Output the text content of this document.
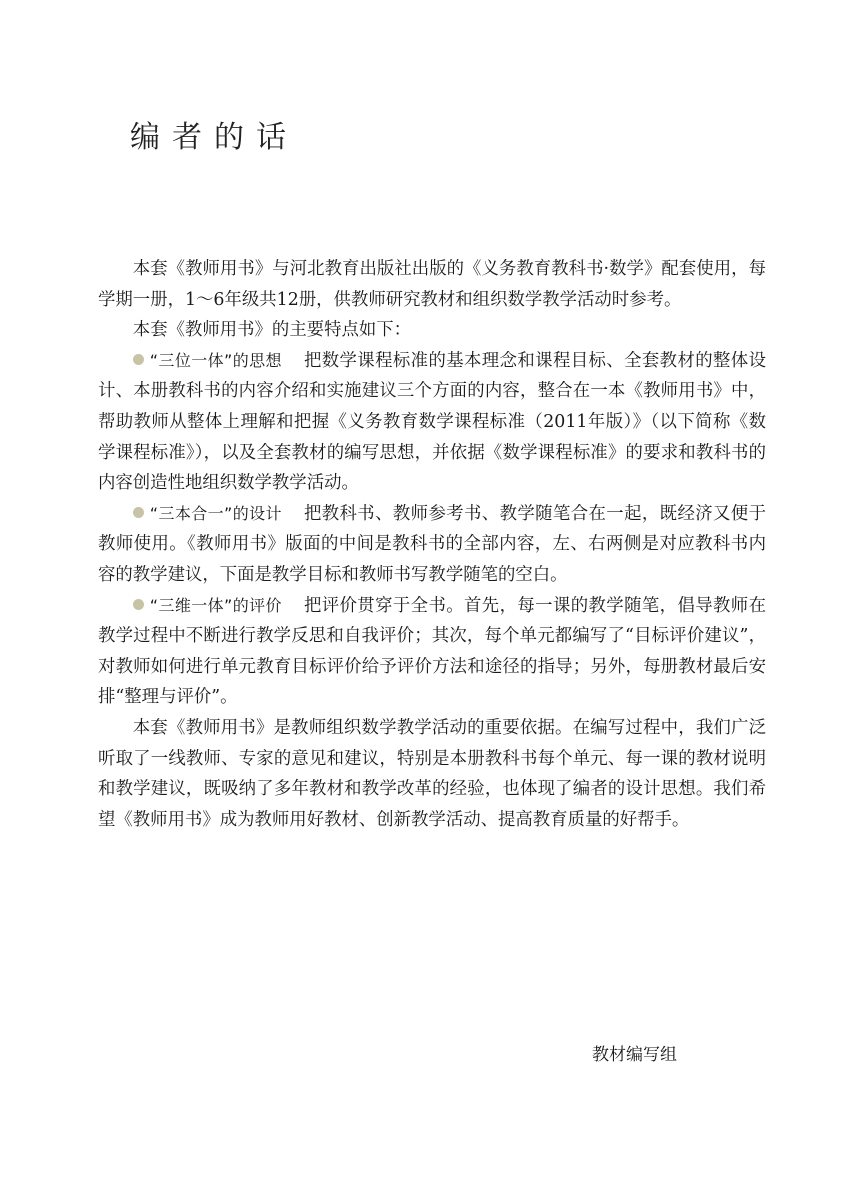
编者的话

本套《教师用书》与河北教育出版社出版的《义务教育教科书·数学》配套使用，每学期一册，1～6年级共12册，供教师研究教材和组织数学教学活动时参考。

本套《教师用书》的主要特点如下：

“三位一体”的思想 把数学课程标准的基本理念和课程目标、全套教材的整体设计、本册教科书的内容介绍和实施建议三个方面的内容，整合在一本《教师用书》中，帮助教师从整体上理解和把握《义务教育数学课程标准（2011年版）》（以下简称《数学课程标准》），以及全套教材的编写思想，并依据《数学课程标准》的要求和教科书的内容创造性地组织数学教学活动。

“三本合一”的设计 把教科书、教师参考书、教学随笔合在一起，既经济又便于教师使用。《教师用书》版面的中间是教科书的全部内容，左、右两侧是对应教科书内容的教学建议，下面是教学目标和教师书写教学随笔的空白。

“三维一体”的评价 把评价贯穿于全书。首先，每一课的教学随笔，倡导教师在教学过程中不断进行教学反思和自我评价；其次，每个单元都编写了“目标评价建议”，对教师如何进行单元教育目标评价给予评价方法和途径的指导；另外，每册教材最后安排“整理与评价”。

本套《教师用书》是教师组织数学教学活动的重要依据。在编写过程中，我们广泛听取了一线教师、专家的意见和建议，特别是本册教科书每个单元、每一课的教材说明和教学建议，既吸纳了多年教材和教学改革的经验，也体现了编者的设计思想。我们希望《教师用书》成为教师用好教材、创新教学活动、提高教育质量的好帮手。

教材编写组
